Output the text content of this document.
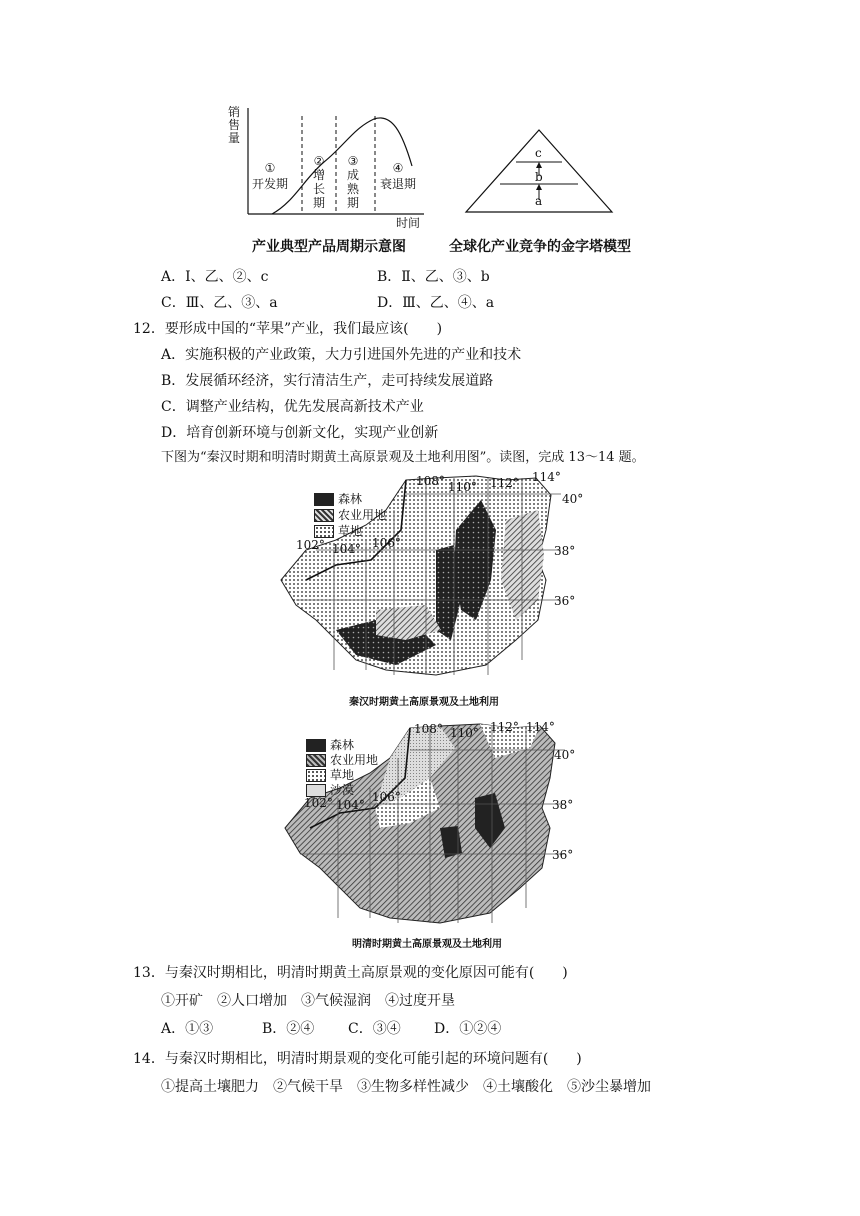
销售量
时间
①
开发期
②
增
长
期
③
成
熟
期
④
衰退期
产业典型产品周期示意图
c
b
a
全球化产业竞争的金字塔模型
A．Ⅰ、乙、②、c	B．Ⅱ、乙、③、b
C．Ⅲ、乙、③、a	D．Ⅲ、乙、④、a
12．要形成中国的“苹果”产业，我们最应该(　　)
A．实施积极的产业政策，大力引进国外先进的产业和技术
B．发展循环经济，实行清洁生产，走可持续发展道路
C．调整产业结构，优先发展高新技术产业
D．培育创新环境与创新文化，实现产业创新
下图为“秦汉时期和明清时期黄土高原景观及土地利用图”。读图，完成 13～14 题。
森林
农业用地
草地
102° 104° 106°
108° 110° 112° 114°
40°
38°
36°
秦汉时期黄土高原景观及土地利用
森林
农业用地
草地
沙漠
102° 104°
106°
108° 110° 112° 114°
40°
38°
36°
明清时期黄土高原景观及土地利用
13．与秦汉时期相比，明清时期黄土高原景观的变化原因可能有(　　)
①开矿　②人口增加　③气候湿润　④过度开垦
A．①③	B．②④ C．③④ D．①②④
14．与秦汉时期相比，明清时期景观的变化可能引起的环境问题有(　　)
①提高土壤肥力　②气候干旱　③生物多样性减少　④土壤酸化　⑤沙尘暴增加
